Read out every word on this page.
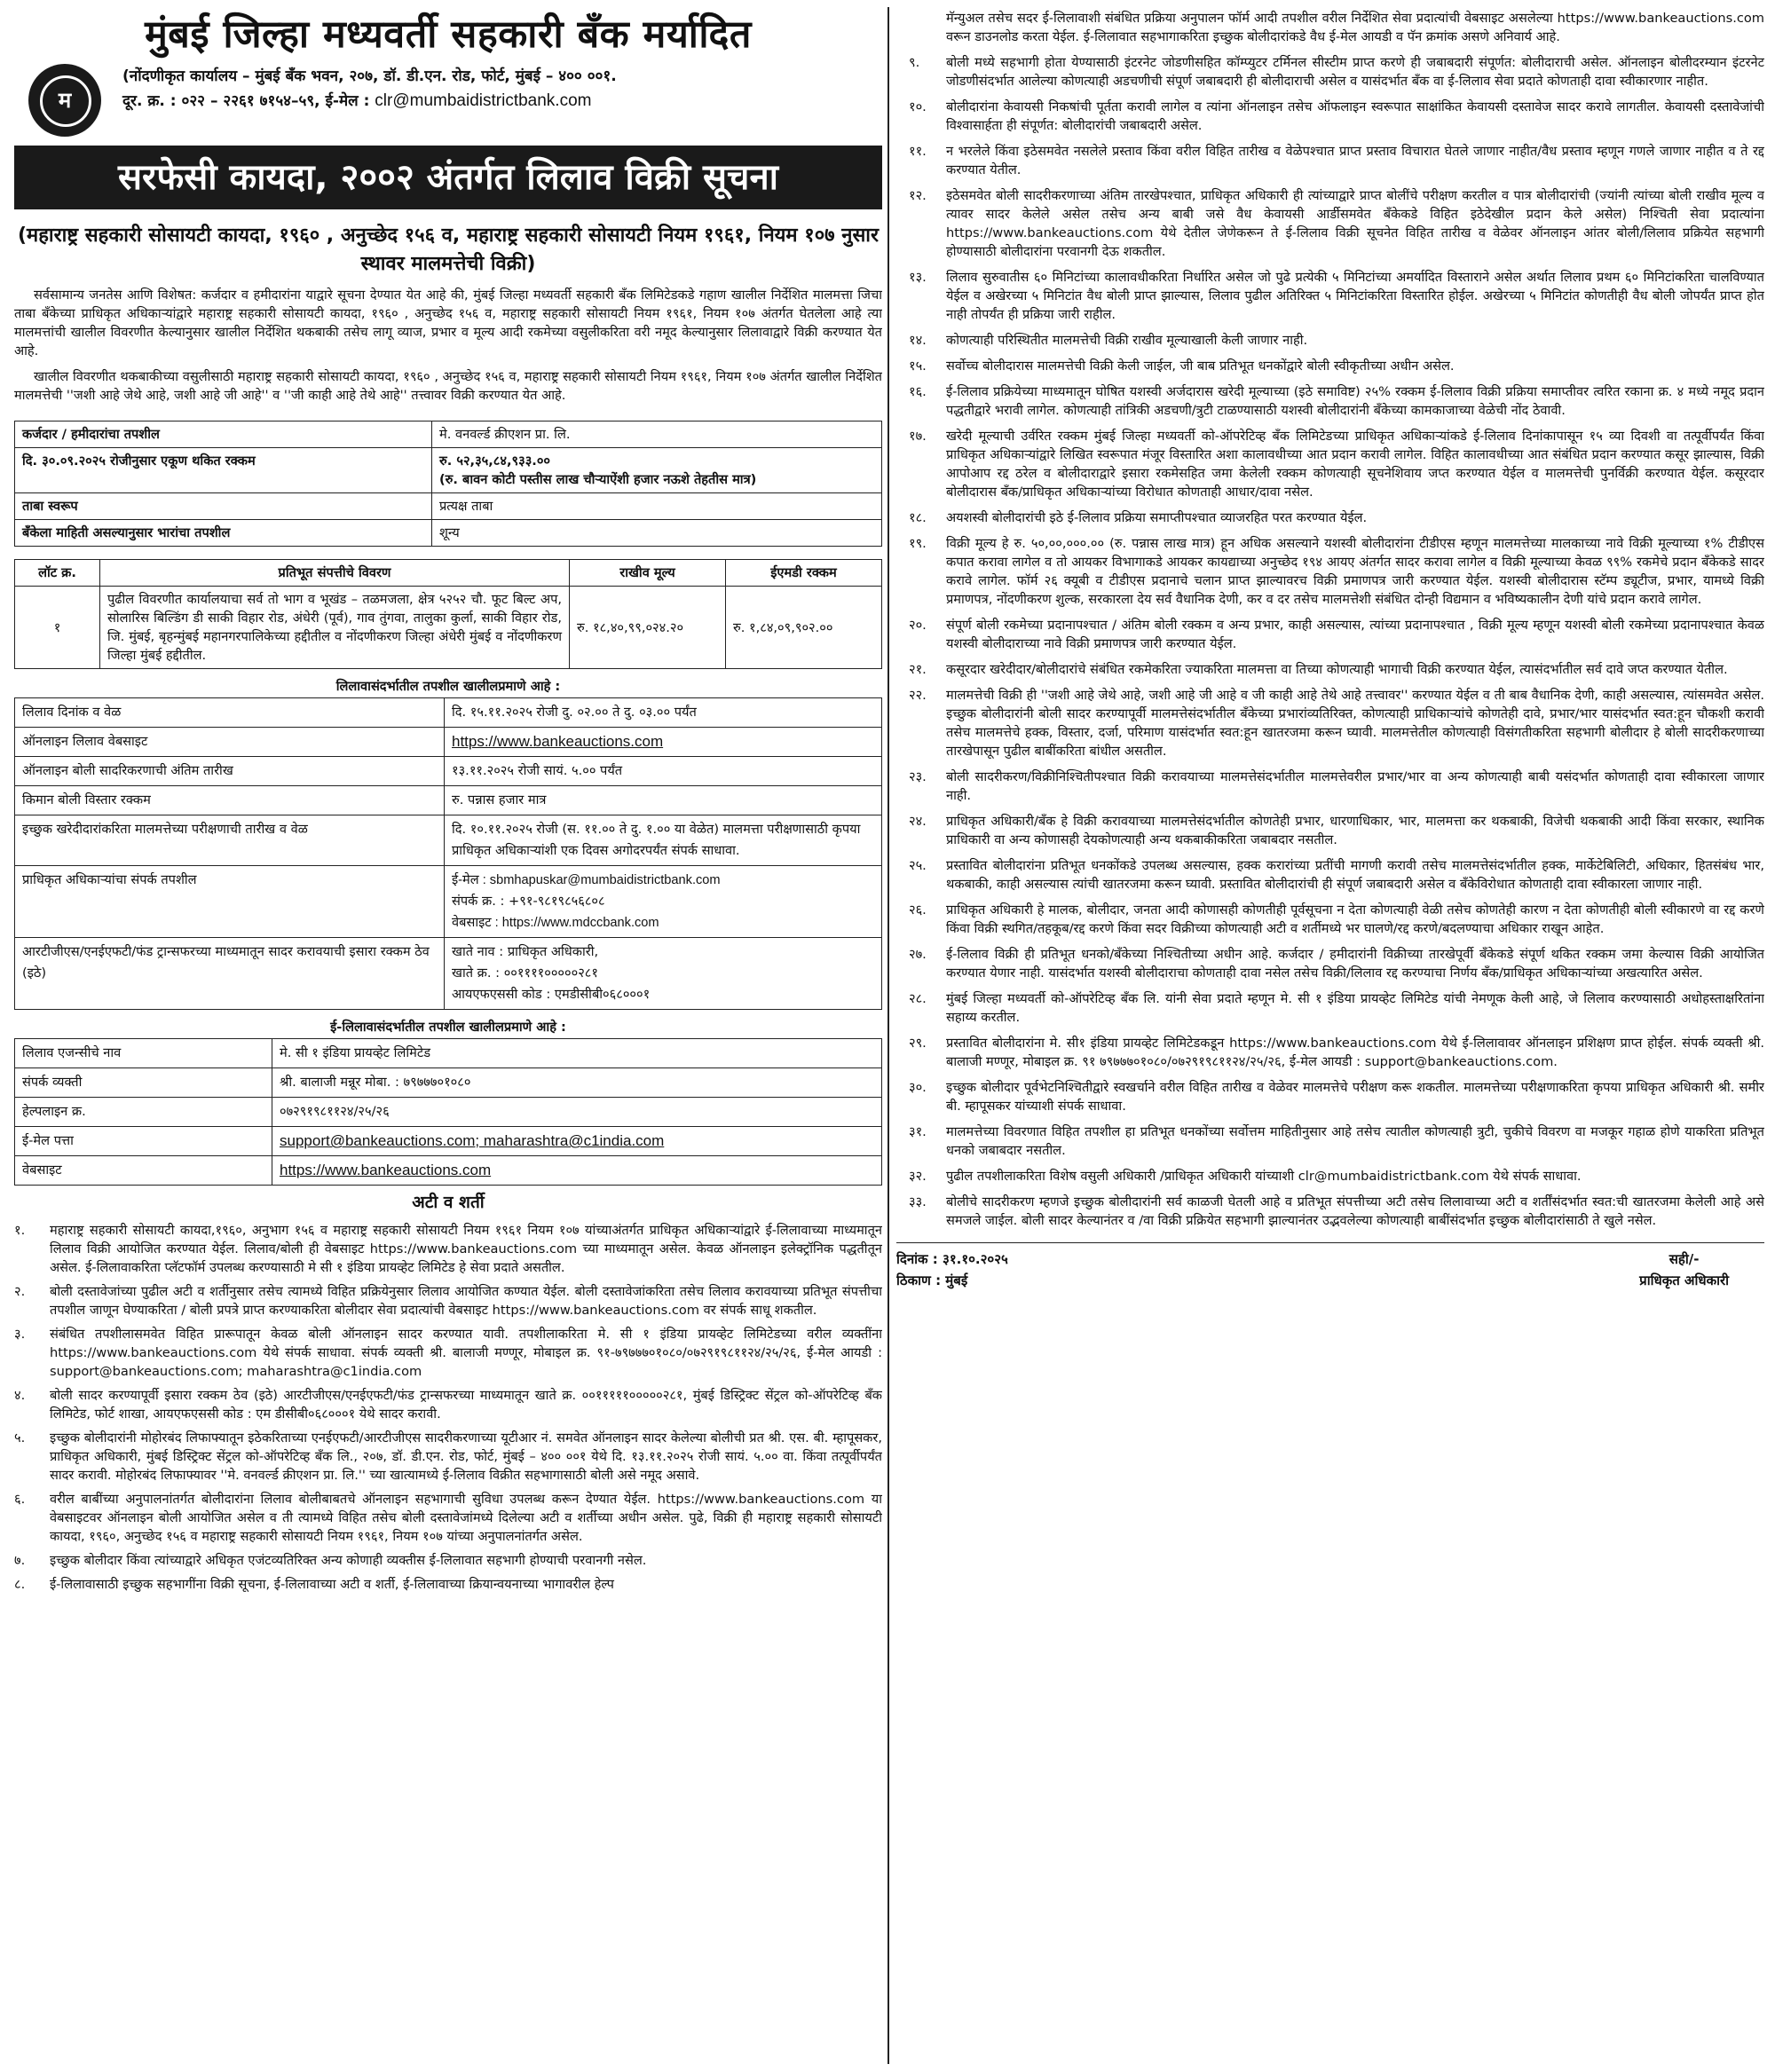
मुंबई जिल्हा मध्यवर्ती सहकारी बँक मर्यादित
म
(नोंदणीकृत कार्यालय – मुंबई बँक भवन, २०७, डॉ. डी.एन. रोड, फोर्ट, मुंबई – ४०० ००१.
दूर. क्र. : ०२२ – २२६१ ७१५४–५९, ई-मेल : clr@mumbaidistrictbank.com
सरफेसी कायदा, २००२ अंतर्गत लिलाव विक्री सूचना
(महाराष्ट्र सहकारी सोसायटी कायदा, १९६० , अनुच्छेद १५६ व, महाराष्ट्र सहकारी सोसायटी नियम १९६१, नियम १०७ नुसार स्थावर मालमत्तेची विक्री)
सर्वसामान्य जनतेस आणि विशेषत: कर्जदार व हमीदारांना याद्वारे सूचना देण्यात येत आहे की, मुंबई जिल्हा मध्यवर्ती सहकारी बँक लिमिटेडकडे गहाण खालील निर्देशित मालमत्ता जिचा ताबा बँकेच्या प्राधिकृत अधिकाऱ्यांद्वारे महाराष्ट्र सहकारी सोसायटी कायदा, १९६० , अनुच्छेद १५६ व, महाराष्ट्र सहकारी सोसायटी नियम १९६१, नियम १०७ अंतर्गत घेतलेला आहे त्या मालमत्तांची खालील विवरणीत केल्यानुसार खालील निर्देशित थकबाकी तसेच लागू व्याज, प्रभार व मूल्य आदी रकमेच्या वसुलीकरिता वरी नमूद केल्यानुसार लिलावाद्वारे विक्री करण्यात येत आहे.
खालील विवरणीत थकबाकीच्या वसुलीसाठी महाराष्ट्र सहकारी सोसायटी कायदा, १९६० , अनुच्छेद १५६ व, महाराष्ट्र सहकारी सोसायटी नियम १९६१, नियम १०७ अंतर्गत खालील निर्देशित मालमत्तेची ''जशी आहे जेथे आहे, जशी आहे जी आहे'' व ''जी काही आहे तेथे आहे'' तत्त्वावर विक्री करण्यात येत आहे.
कर्जदार / हमीदारांचा तपशील	मे. वनवर्ल्ड क्रीएशन प्रा. लि.

दि. ३०.०९.२०२५ रोजीनुसार एकूण थकित रक्कम	रु. ५२,३५,८४,९३३.००
(रु. बावन कोटी पस्तीस लाख चौऱ्याऐंशी हजार नऊशे तेहतीस मात्र)

ताबा स्वरूप	प्रत्यक्ष ताबा

बँकेला माहिती असल्यानुसार भारांचा तपशील	शून्य
लॉट क्र.	प्रतिभूत संपत्तीचे विवरण	राखीव मूल्य	ईएमडी रक्कम
१	पुढील विवरणीत कार्यालयाचा सर्व तो भाग व भूखंड – तळमजला, क्षेत्र ५२५२ चौ. फूट बिल्ट अप, सोलारिस बिल्डिंग डी साकी विहार रोड, अंधेरी (पूर्व), गाव तुंगवा, तालुका कुर्ला, साकी विहार रोड, जि. मुंबई, बृहन्मुंबई महानगरपालिकेच्या हद्दीतील व नोंदणीकरण जिल्हा अंधेरी मुंबई व नोंदणीकरण जिल्हा मुंबई हद्दीतील.	रु. १८,४०,९९,०२४.२०	रु. १,८४,०९,९०२.००
लिलावासंदर्भातील तपशील खालीलप्रमाणे आहे :
लिलाव दिनांक व वेळ	दि. १५.११.२०२५ रोजी दु. ०२.०० ते दु. ०३.०० पर्यंत

ऑनलाइन लिलाव वेबसाइट	https://www.bankeauctions.com

ऑनलाइन बोली सादरिकरणाची अंतिम तारीख	१३.११.२०२५ रोजी सायं. ५.०० पर्यंत

किमान बोली विस्तार रक्कम	रु. पन्नास हजार मात्र

इच्छुक खरेदीदारांकरिता मालमत्तेच्या परीक्षणाची तारीख व वेळ	दि. १०.११.२०२५ रोजी (स. ११.०० ते दु. १.०० या वेळेत) मालमत्ता परीक्षणासाठी कृपया प्राधिकृत अधिकाऱ्यांशी एक दिवस अगोदरपर्यंत संपर्क साधावा.

प्राधिकृत अधिकाऱ्यांचा संपर्क तपशील	ई-मेल : sbmhapuskar@mumbaidistrictbank.com
संपर्क क्र. : +९१-९८१९८५६८०८
वेबसाइट : https://www.mdccbank.com

आरटीजीएस/एनईएफटी/फंड ट्रान्सफरच्या माध्यमातून सादर करावयाची इसारा रक्कम ठेव (इठे)	खाते नाव : प्राधिकृत अधिकारी,
खाते क्र. : ००११११०००००२८१
आयएफएससी कोड : एमडीसीबी०६८०००१
ई-लिलावासंदर्भातील तपशील खालीलप्रमाणे आहे :
लिलाव एजन्सीचे नाव	मे. सी १ इंडिया प्रायव्हेट लिमिटेड
संपर्क व्यक्ती	श्री. बालाजी मन्नूर मोबा. : ७९७७७०१०८०
हेल्पलाइन क्र.	०७२९१९८११२४/२५/२६
ई-मेल पत्ता	support@bankeauctions.com; maharashtra@c1india.com
वेबसाइट	https://www.bankeauctions.com
अटी व शर्ती
१.	महाराष्ट्र सहकारी सोसायटी कायदा,१९६०, अनुभाग १५६ व महाराष्ट्र सहकारी सोसायटी नियम १९६१ नियम १०७ यांच्याअंतर्गत प्राधिकृत अधिकाऱ्यांद्वारे ई-लिलावाच्या माध्यमातून लिलाव विक्री आयोजित करण्यात येईल. लिलाव/बोली ही वेबसाइट https://www.bankeauctions.com च्या माध्यमातून असेल. केवळ ऑनलाइन इलेक्ट्रॉनिक पद्धतीतून असेल. ई-लिलावाकरिता प्लॅटफॉर्म उपलब्ध करण्यासाठी मे सी १ इंडिया प्रायव्हेट लिमिटेड हे सेवा प्रदाते असतील.
२.	बोली दस्तावेजांच्या पुढील अटी व शर्तीनुसार तसेच त्यामध्ये विहित प्रक्रियेनुसार लिलाव आयोजित कण्यात येईल. बोली दस्तावेजांकरिता तसेच लिलाव करावयाच्या प्रतिभूत संपत्तीचा तपशील जाणून घेण्याकरिता / बोली प्रपत्रे प्राप्त करण्याकरिता बोलीदार सेवा प्रदात्यांची वेबसाइट https://www.bankeauctions.com वर संपर्क साधू शकतील.
३.	संबंधित तपशीलासमवेत विहित प्रारूपातून केवळ बोली ऑनलाइन सादर करण्यात यावी. तपशीलाकरिता मे. सी १ इंडिया प्रायव्हेट लिमिटेडच्या वरील व्यक्तींना https://www.bankeauctions.com येथे संपर्क साधावा. संपर्क व्यक्ती श्री. बालाजी मण्णूर, मोबाइल क्र. ९१-७९७७७०१०८०/०७२९१९८११२४/२५/२६, ई-मेल आयडी : support@bankeauctions.com; maharashtra@c1india.com
४.	बोली सादर करण्यापूर्वी इसारा रक्कम ठेव (इठे) आरटीजीएस/एनईएफटी/फंड ट्रान्सफरच्या माध्यमातून खाते क्र. ००१११११०००००२८१, मुंबई डिस्ट्रिक्ट सेंट्रल को-ऑपरेटिव्ह बँक लिमिटेड, फोर्ट शाखा, आयएफएससी कोड : एम डीसीबी०६८०००१ येथे सादर करावी.
५.	इच्छुक बोलीदारांनी मोहोरबंद लिफाफ्यातून इठेकरिताच्या एनईएफटी/आरटीजीएस सादरीकरणाच्या यूटीआर नं. समवेत ऑनलाइन सादर केलेल्या बोलीची प्रत श्री. एस. बी. म्हापूसकर, प्राधिकृत अधिकारी, मुंबई डिस्ट्रिक्ट सेंट्रल को-ऑपरेटिव्ह बँक लि., २०७, डॉ. डी.एन. रोड, फोर्ट, मुंबई – ४०० ००१ येथे दि. १३.११.२०२५ रोजी सायं. ५.०० वा. किंवा तत्पूर्वीपर्यंत सादर करावी. मोहोरबंद लिफाफ्यावर ''मे. वनवर्ल्ड क्रीएशन प्रा. लि.'' च्या खात्यामध्ये ई-लिलाव विक्रीत सहभागासाठी बोली असे नमूद असावे.
६.	वरील बाबींच्या अनुपालनांतर्गत बोलीदारांना लिलाव बोलीबाबतचे ऑनलाइन सहभागाची सुविधा उपलब्ध करून देण्यात येईल. https://www.bankeauctions.com या वेबसाइटवर ऑनलाइन बोली आयोजित असेल व ती त्यामध्ये विहित तसेच बोली दस्तावेजांमध्ये दिलेल्या अटी व शर्तीच्या अधीन असेल. पुढे, विक्री ही महाराष्ट्र सहकारी सोसायटी कायदा, १९६०, अनुच्छेद १५६ व महाराष्ट्र सहकारी सोसायटी नियम १९६१, नियम १०७ यांच्या अनुपालनांतर्गत असेल.
७.	इच्छुक बोलीदार किंवा त्यांच्याद्वारे अधिकृत एजंटव्यतिरिक्त अन्य कोणाही व्यक्तीस ई-लिलावात सहभागी होण्याची परवानगी नसेल.
८.	ई-लिलावासाठी इच्छुक सहभागींना विक्री सूचना, ई-लिलावाच्या अटी व शर्ती, ई-लिलावाच्या क्रियान्वयनाच्या भागावरील हेल्प
मॅन्युअल तसेच सदर ई-लिलावाशी संबंधित प्रक्रिया अनुपालन फॉर्म आदी तपशील वरील निर्देशित सेवा प्रदात्यांची वेबसाइट असलेल्या https://www.bankeauctions.com वरून डाउनलोड करता येईल. ई-लिलावात सहभागाकरिता इच्छुक बोलीदारांकडे वैध ई-मेल आयडी व पॅन क्रमांक असणे अनिवार्य आहे.
९.	बोली मध्ये सहभागी होता येण्यासाठी इंटरनेट जोडणीसहित कॉम्प्युटर टर्मिनल सीस्टीम प्राप्त करणे ही जबाबदारी संपूर्णत: बोलीदाराची असेल. ऑनलाइन बोलीदरम्यान इंटरनेट जोडणीसंदर्भात आलेल्या कोणत्याही अडचणीची संपूर्ण जबाबदारी ही बोलीदाराची असेल व यासंदर्भात बँक वा ई-लिलाव सेवा प्रदाते कोणताही दावा स्वीकारणार नाहीत.
१०.	बोलीदारांना केवायसी निकषांची पूर्तता करावी लागेल व त्यांना ऑनलाइन तसेच ऑफलाइन स्वरूपात साक्षांकित केवायसी दस्तावेज सादर करावे लागतील. केवायसी दस्तावेजांची विश्वासार्हता ही संपूर्णत: बोलीदारांची जबाबदारी असेल.
११.	न भरलेले किंवा इठेसमवेत नसलेले प्रस्ताव किंवा वरील विहित तारीख व वेळेपश्चात प्राप्त प्रस्ताव विचारात घेतले जाणार नाहीत/वैध प्रस्ताव म्हणून गणले जाणार नाहीत व ते रद्द करण्यात येतील.
१२.	इठेसमवेत बोली सादरीकरणाच्या अंतिम तारखेपश्चात, प्राधिकृत अधिकारी ही त्यांच्याद्वारे प्राप्त बोलींचे परीक्षण करतील व पात्र बोलीदारांची (ज्यांनी त्यांच्या बोली राखीव मूल्य व त्यावर सादर केलेले असेल तसेच अन्य बाबी जसे वैध केवायसी आर्डीसमवेत बँकेकडे विहित इठेदेखील प्रदान केले असेल) निश्चिती सेवा प्रदात्यांना https://www.bankeauctions.com येथे देतील जेणेकरून ते ई-लिलाव विक्री सूचनेत विहित तारीख व वेळेवर ऑनलाइन आंतर बोली/लिलाव प्रक्रियेत सहभागी होण्यासाठी बोलीदारांना परवानगी देऊ शकतील.
१३.	लिलाव सुरुवातीस ६० मिनिटांच्या कालावधीकरिता निर्धारित असेल जो पुढे प्रत्येकी ५ मिनिटांच्या अमर्यादित विस्ताराने असेल अर्थात लिलाव प्रथम ६० मिनिटांकरिता चालविण्यात येईल व अखेरच्या ५ मिनिटांत वैध बोली प्राप्त झाल्यास, लिलाव पुढील अतिरिक्त ५ मिनिटांकरिता विस्तारित होईल. अखेरच्या ५ मिनिटांत कोणतीही वैध बोली जोपर्यंत प्राप्त होत नाही तोपर्यंत ही प्रक्रिया जारी राहील.
१४.	कोणत्याही परिस्थितीत मालमत्तेची विक्री राखीव मूल्याखाली केली जाणार नाही.
१५.	सर्वोच्च बोलीदारास मालमत्तेची विक्री केली जाईल, जी बाब प्रतिभूत धनकोंद्वारे बोली स्वीकृतीच्या अधीन असेल.
१६.	ई-लिलाव प्रक्रियेच्या माध्यमातून घोषित यशस्वी अर्जदारास खरेदी मूल्याच्या (इठे समाविष्ट) २५% रक्कम ई-लिलाव विक्री प्रक्रिया समाप्तीवर त्वरित रकाना क्र. ४ मध्ये नमूद प्रदान पद्धतीद्वारे भरावी लागेल. कोणत्याही तांत्रिकी अडचणी/त्रुटी टाळण्यासाठी यशस्वी बोलीदारांनी बँकेच्या कामकाजाच्या वेळेची नोंद ठेवावी.
१७.	खरेदी मूल्याची उर्वरित रक्कम मुंबई जिल्हा मध्यवर्ती को-ऑपरेटिव्ह बँक लिमिटेडच्या प्राधिकृत अधिकाऱ्यांकडे ई-लिलाव दिनांकापासून १५ व्या दिवशी वा तत्पूर्वीपर्यंत किंवा प्राधिकृत अधिकाऱ्यांद्वारे लिखित स्वरूपात मंजूर विस्तारित अशा कालावधीच्या आत प्रदान करावी लागेल. विहित कालावधीच्या आत संबंधित प्रदान करण्यात कसूर झाल्यास, विक्री आपोआप रद्द ठरेल व बोलीदाराद्वारे इसारा रकमेसहित जमा केलेली रक्कम कोणत्याही सूचनेशिवाय जप्त करण्यात येईल व मालमत्तेची पुनर्विक्री करण्यात येईल. कसूरदार बोलीदारास बँक/प्राधिकृत अधिकाऱ्यांच्या विरोधात कोणताही आधार/दावा नसेल.
१८.	अयशस्वी बोलीदारांची इठे ई-लिलाव प्रक्रिया समाप्तीपश्चात व्याजरहित परत करण्यात येईल.
१९.	विक्री मूल्य हे रु. ५०,००,०००.०० (रु. पन्नास लाख मात्र) हून अधिक असल्याने यशस्वी बोलीदारांना टीडीएस म्हणून मालमत्तेच्या मालकाच्या नावे विक्री मूल्याच्या १% टीडीएस कपात करावा लागेल व तो आयकर विभागाकडे आयकर कायद्याच्या अनुच्छेद १९४ आयए अंतर्गत सादर करावा लागेल व विक्री मूल्याच्या केवळ ९९% रकमेचे प्रदान बँकेकडे सादर करावे लागेल. फॉर्म २६ क्यूबी व टीडीएस प्रदानाचे चलान प्राप्त झाल्यावरच विक्री प्रमाणपत्र जारी करण्यात येईल. यशस्वी बोलीदारास स्टॅम्प ड्यूटीज, प्रभार, यामध्ये विक्री प्रमाणपत्र, नोंदणीकरण शुल्क, सरकारला देय सर्व वैधानिक देणी, कर व दर तसेच मालमत्तेशी संबंधित दोन्ही विद्यमान व भविष्यकालीन देणी यांचे प्रदान करावे लागेल.
२०.	संपूर्ण बोली रकमेच्या प्रदानापश्चात / अंतिम बोली रक्कम व अन्य प्रभार, काही असल्यास, त्यांच्या प्रदानापश्चात , विक्री मूल्य म्हणून यशस्वी बोली रकमेच्या प्रदानापश्चात केवळ यशस्वी बोलीदाराच्या नावे विक्री प्रमाणपत्र जारी करण्यात येईल.
२१.	कसूरदार खरेदीदार/बोलीदारांचे संबंधित रकमेकरिता ज्याकरिता मालमत्ता वा तिच्या कोणत्याही भागाची विक्री करण्यात येईल, त्यासंदर्भातील सर्व दावे जप्त करण्यात येतील.
२२.	मालमत्तेची विक्री ही ''जशी आहे जेथे आहे, जशी आहे जी आहे व जी काही आहे तेथे आहे तत्त्वावर'' करण्यात येईल व ती बाब वैधानिक देणी, काही असल्यास, त्यांसमवेत असेल. इच्छुक बोलीदारांनी बोली सादर करण्यापूर्वी मालमत्तेसंदर्भातील बँकेच्या प्रभारांव्यतिरिक्त, कोणत्याही प्राधिकाऱ्यांचे कोणतेही दावे, प्रभार/भार यासंदर्भात स्वत:हून चौकशी करावी तसेच मालमत्तेचे हक्क, विस्तार, दर्जा, परिमाण यासंदर्भात स्वत:हून खातरजमा करून घ्यावी. मालमत्तेतील कोणत्याही विसंगतीकरिता सहभागी बोलीदार हे बोली सादरीकरणाच्या तारखेपासून पुढील बाबींकरिता बांधील असतील.
२३.	बोली सादरीकरण/विक्रीनिश्चितीपश्चात विक्री करावयाच्या मालमत्तेसंदर्भातील मालमत्तेवरील प्रभार/भार वा अन्य कोणत्याही बाबी यसंदर्भात कोणताही दावा स्वीकारला जाणार नाही.
२४.	प्राधिकृत अधिकारी/बँक हे विक्री करावयाच्या मालमत्तेसंदर्भातील कोणतेही प्रभार, धारणाधिकार, भार, मालमत्ता कर थकबाकी, विजेची थकबाकी आदी किंवा सरकार, स्थानिक प्राधिकारी वा अन्य कोणासही देयकोणत्याही अन्य थकबाकीकरिता जबाबदार नसतील.
२५.	प्रस्तावित बोलीदारांना प्रतिभूत धनकोंकडे उपलब्ध असल्यास, हक्क करारांच्या प्रतींची मागणी करावी तसेच मालमत्तेसंदर्भातील हक्क, मार्केटेबिलिटी, अधिकार, हितसंबंध भार, थकबाकी, काही असल्यास त्यांची खातरजमा करून घ्यावी. प्रस्तावित बोलीदारांची ही संपूर्ण जबाबदारी असेल व बँकेविरोधात कोणताही दावा स्वीकारला जाणार नाही.
२६.	प्राधिकृत अधिकारी हे मालक, बोलीदार, जनता आदी कोणासही कोणतीही पूर्वसूचना न देता कोणत्याही वेळी तसेच कोणतेही कारण न देता कोणतीही बोली स्वीकारणे वा रद्द करणे किंवा विक्री स्थगित/तहकूब/रद्द करणे किंवा सदर विक्रीच्या कोणत्याही अटी व शर्तीमध्ये भर घालणे/रद्द करणे/बदलण्याचा अधिकार राखून आहेत.
२७.	ई-लिलाव विक्री ही प्रतिभूत धनको/बँकेच्या निश्चितीच्या अधीन आहे. कर्जदार / हमीदारांनी विक्रीच्या तारखेपूर्वी बँकेकडे संपूर्ण थकित रक्कम जमा केल्यास विक्री आयोजित करण्यात येणार नाही. यासंदर्भात यशस्वी बोलीदाराचा कोणताही दावा नसेल तसेच विक्री/लिलाव रद्द करण्याचा निर्णय बँक/प्राधिकृत अधिकाऱ्यांच्या अखत्यारित असेल.
२८.	मुंबई जिल्हा मध्यवर्ती को-ऑपरेटिव्ह बँक लि. यांनी सेवा प्रदाते म्हणून मे. सी १ इंडिया प्रायव्हेट लिमिटेड यांची नेमणूक केली आहे, जे लिलाव करण्यासाठी अधोहस्ताक्षरितांना सहाय्य करतील.
२९.	प्रस्तावित बोलीदारांना मे. सी१ इंडिया प्रायव्हेट लिमिटेडकडून https://www.bankeauctions.com येथे ई-लिलावावर ऑनलाइन प्रशिक्षण प्राप्त होईल. संपर्क व्यक्ती श्री. बालाजी मण्णूर, मोबाइल क्र. ९१ ७९७७७०१०८०/०७२९१९८११२४/२५/२६, ई-मेल आयडी : support@bankeauctions.com.
३०.	इच्छुक बोलीदार पूर्वभेटनिश्चितीद्वारे स्वखर्चाने वरील विहित तारीख व वेळेवर मालमत्तेचे परीक्षण करू शकतील. मालमत्तेच्या परीक्षणाकरिता कृपया प्राधिकृत अधिकारी श्री. समीर बी. म्हापूसकर यांच्याशी संपर्क साधावा.
३१.	मालमत्तेच्या विवरणात विहित तपशील हा प्रतिभूत धनकोंच्या सर्वोत्तम माहितीनुसार आहे तसेच त्यातील कोणत्याही त्रुटी, चुकीचे विवरण वा मजकूर गहाळ होणे याकरिता प्रतिभूत धनको जबाबदार नसतील.
३२.	पुढील तपशीलाकरिता विशेष वसुली अधिकारी /प्राधिकृत अधिकारी यांच्याशी clr@mumbaidistrictbank.com येथे संपर्क साधावा.
३३.	बोलीचे सादरीकरण म्हणजे इच्छुक बोलीदारांनी सर्व काळजी घेतली आहे व प्रतिभूत संपत्तीच्या अटी तसेच लिलावाच्या अटी व शर्तींसंदर्भात स्वत:ची खातरजमा केलेली आहे असे समजले जाईल. बोली सादर केल्यानंतर व /वा विक्री प्रक्रियेत सहभागी झाल्यानंतर उद्भवलेल्या कोणत्याही बाबींसंदर्भात इच्छुक बोलीदारांसाठी ते खुले नसेल.
दिनांक : ३१.१०.२०२५
ठिकाण : मुंबई
सही/-
प्राधिकृत अधिकारी
